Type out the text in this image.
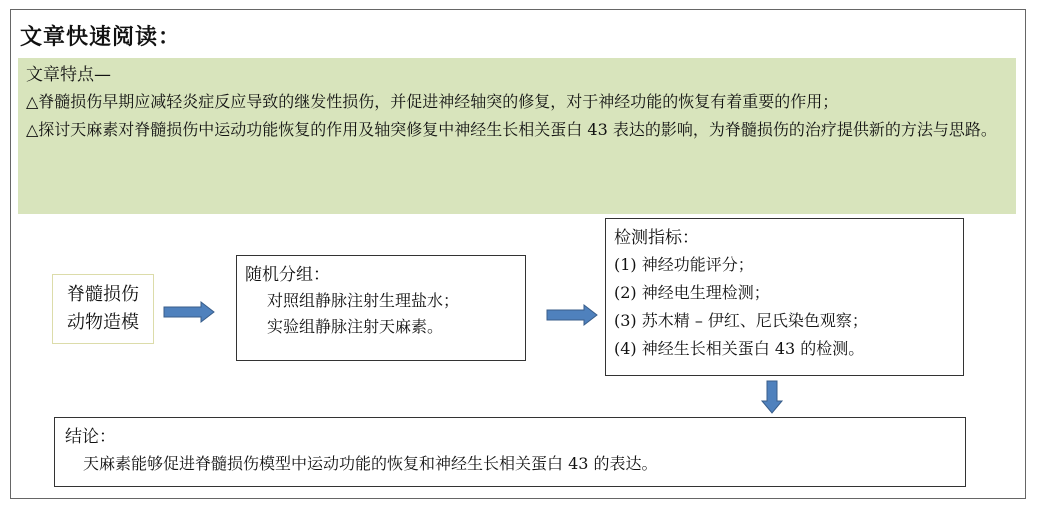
文章快速阅读：
文章特点—
△脊髓损伤早期应减轻炎症反应导致的继发性损伤，并促进神经轴突的修复，对于神经功能的恢复有着重要的作用；
△探讨天麻素对脊髓损伤中运动功能恢复的作用及轴突修复中神经生长相关蛋白 43 表达的影响，为脊髓损伤的治疗提供新的方法与思路。
脊髓损伤
动物造模
随机分组：
对照组静脉注射生理盐水；
实验组静脉注射天麻素。
检测指标：
(1) 神经功能评分；
(2) 神经电生理检测；
(3) 苏木精 – 伊红、尼氏染色观察；
(4) 神经生长相关蛋白 43 的检测。
结论：
天麻素能够促进脊髓损伤模型中运动功能的恢复和神经生长相关蛋白 43 的表达。
